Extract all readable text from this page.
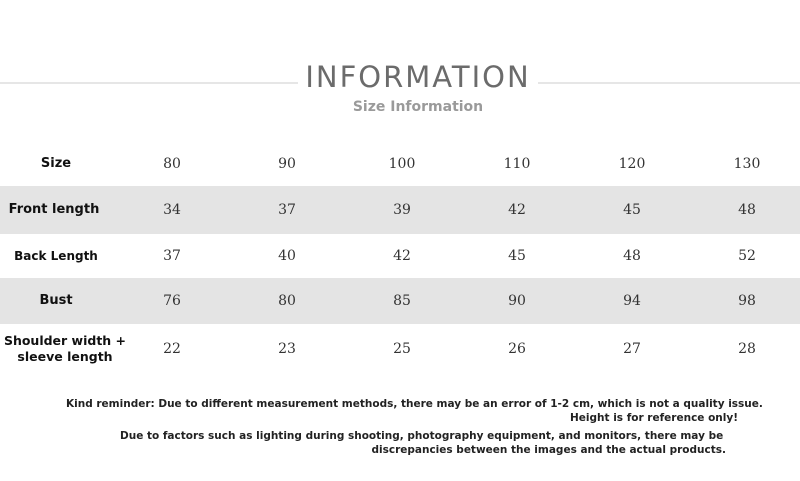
INFORMATION
Size Information
Size	80	90	100	110	120	130
Front length	34	37	39	42	45	48
Back Length	37	40	42	45	48	52
Bust	76	80	85	90	94	98
Shoulder width + sleeve length	22	23	25	26	27	28
Kind reminder: Due to different measurement methods, there may be an error of 1-2 cm, which is not a quality issue.
Height is for reference only!
Due to factors such as lighting during shooting, photography equipment, and monitors, there may be
discrepancies between the images and the actual products.
